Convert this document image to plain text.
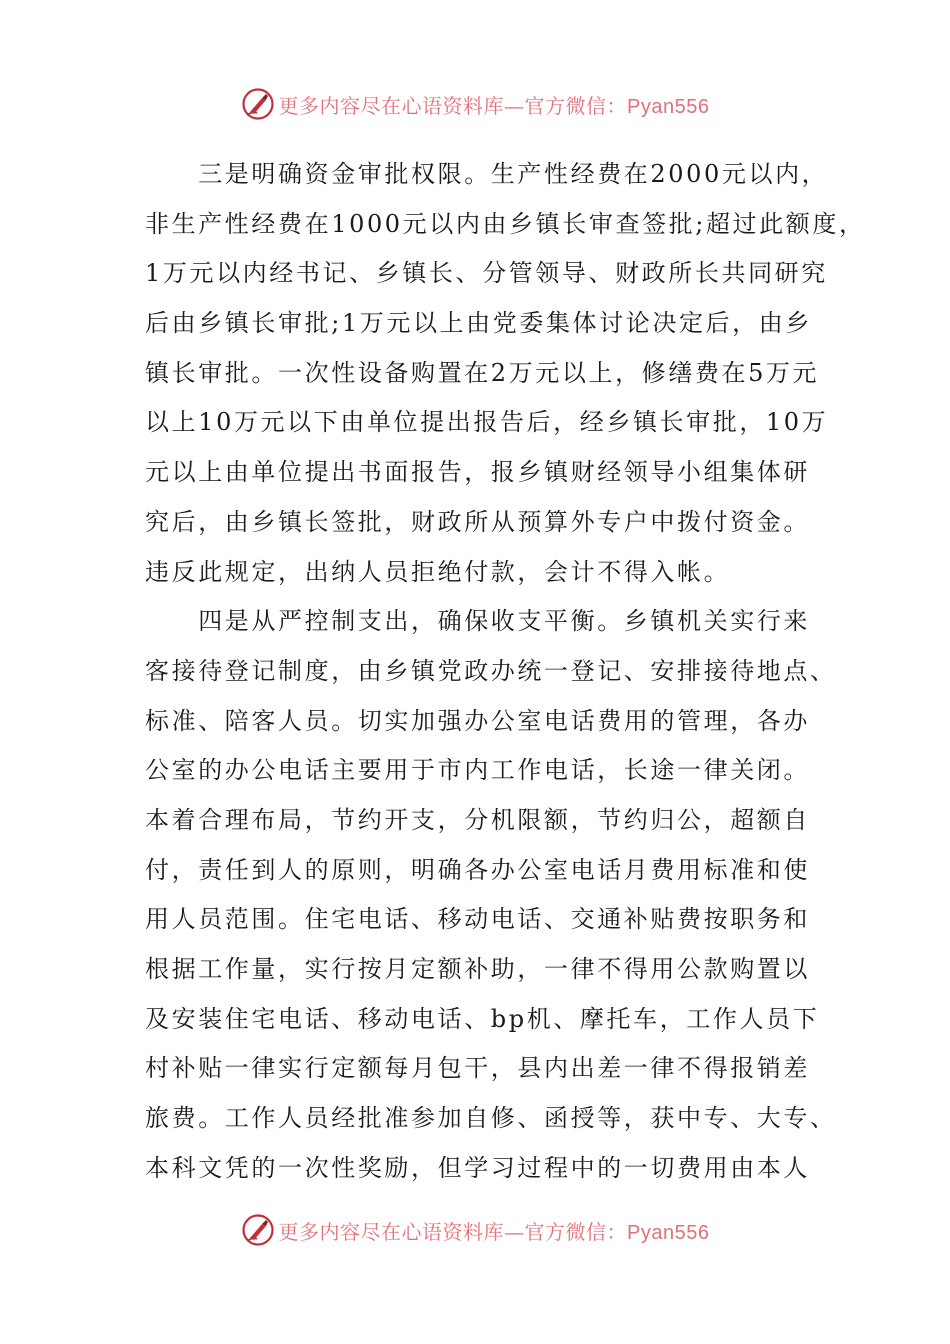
更多内容尽在心语资料库—官方微信：Pyan556
　　三是明确资金审批权限。生产性经费在2000元以内，
非生产性经费在1000元以内由乡镇长审查签批;超过此额度，
1万元以内经书记、乡镇长、分管领导、财政所长共同研究
后由乡镇长审批;1万元以上由党委集体讨论决定后，由乡
镇长审批。一次性设备购置在2万元以上，修缮费在5万元
以上10万元以下由单位提出报告后，经乡镇长审批，10万
元以上由单位提出书面报告，报乡镇财经领导小组集体研
究后，由乡镇长签批，财政所从预算外专户中拨付资金。
违反此规定，出纳人员拒绝付款，会计不得入帐。
　　四是从严控制支出，确保收支平衡。乡镇机关实行来
客接待登记制度，由乡镇党政办统一登记、安排接待地点、
标准、陪客人员。切实加强办公室电话费用的管理，各办
公室的办公电话主要用于市内工作电话，长途一律关闭。
本着合理布局，节约开支，分机限额，节约归公，超额自
付，责任到人的原则，明确各办公室电话月费用标准和使
用人员范围。住宅电话、移动电话、交通补贴费按职务和
根据工作量，实行按月定额补助，一律不得用公款购置以
及安装住宅电话、移动电话、bp机、摩托车，工作人员下
村补贴一律实行定额每月包干，县内出差一律不得报销差
旅费。工作人员经批准参加自修、函授等，获中专、大专、
本科文凭的一次性奖励，但学习过程中的一切费用由本人
更多内容尽在心语资料库—官方微信：Pyan556
